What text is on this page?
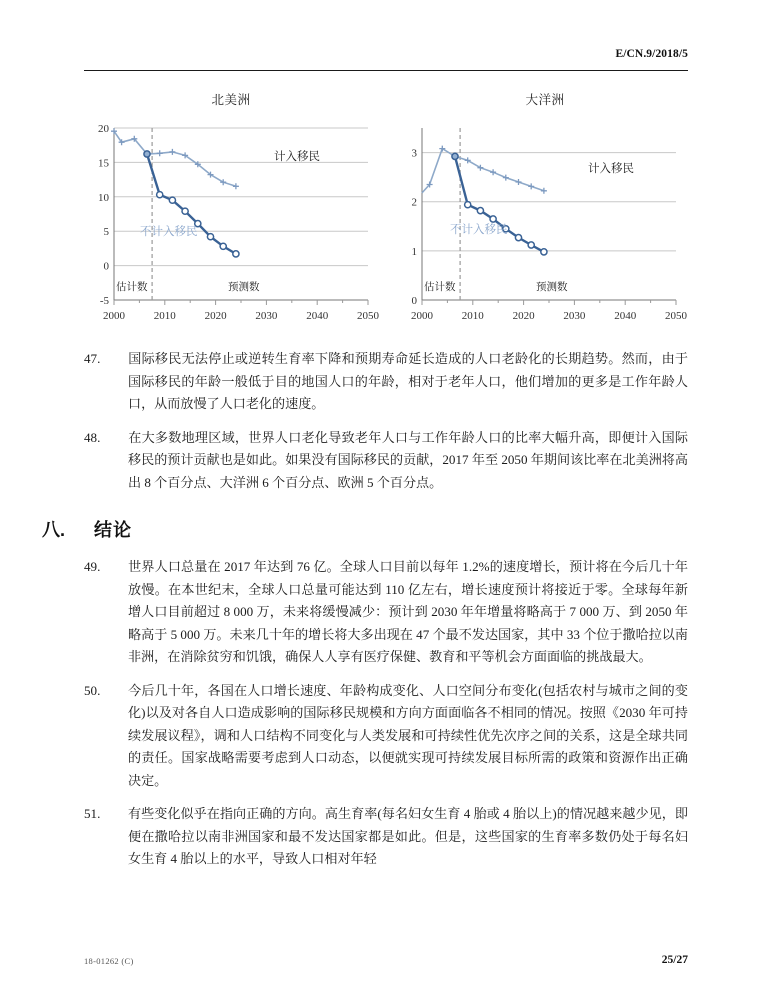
E/CN.9/2018/5
北美洲
20
15
10
5
0
-5
2000	2010	2020	2030	2040	2050
计入移民
不计入移民
估计数	预测数
大洋洲
3
2
1
0
2000	2010	2020	2030	2040	2050
计入移民
不计入移民
估计数	预测数

47. 国际移民无法停止或逆转生育率下降和预期寿命延长造成的人口老龄化的长期趋势。然而，由于国际移民的年龄一般低于目的地国人口的年龄，相对于老年人口，他们增加的更多是工作年龄人口，从而放慢了人口老化的速度。

48. 在大多数地理区域，世界人口老化导致老年人口与工作年龄人口的比率大幅升高，即便计入国际移民的预计贡献也是如此。如果没有国际移民的贡献，2017 年至 2050 年期间该比率在北美洲将高出 8 个百分点、大洋洲 6 个百分点、欧洲 5 个百分点。

八.	结论

49. 世界人口总量在 2017 年达到 76 亿。全球人口目前以每年 1.2%的速度增长，预计将在今后几十年放慢。在本世纪末，全球人口总量可能达到 110 亿左右，增长速度预计将接近于零。全球每年新增人口目前超过 8 000 万，未来将缓慢减少：预计到 2030 年年增量将略高于 7 000 万、到 2050 年略高于 5 000 万。未来几十年的增长将大多出现在 47 个最不发达国家，其中 33 个位于撒哈拉以南非洲，在消除贫穷和饥饿，确保人人享有医疗保健、教育和平等机会方面面临的挑战最大。

50. 今后几十年，各国在人口增长速度、年龄构成变化、人口空间分布变化(包括农村与城市之间的变化)以及对各自人口造成影响的国际移民规模和方向方面面临各不相同的情况。按照《2030 年可持续发展议程》，调和人口结构不同变化与人类发展和可持续性优先次序之间的关系，这是全球共同的责任。国家战略需要考虑到人口动态，以便就实现可持续发展目标所需的政策和资源作出正确决定。

51. 有些变化似乎在指向正确的方向。高生育率(每名妇女生育 4 胎或 4 胎以上)的情况越来越少见，即便在撒哈拉以南非洲国家和最不发达国家都是如此。但是，这些国家的生育率多数仍处于每名妇女生育 4 胎以上的水平，导致人口相对年轻

18-01262 (C)	25/27
